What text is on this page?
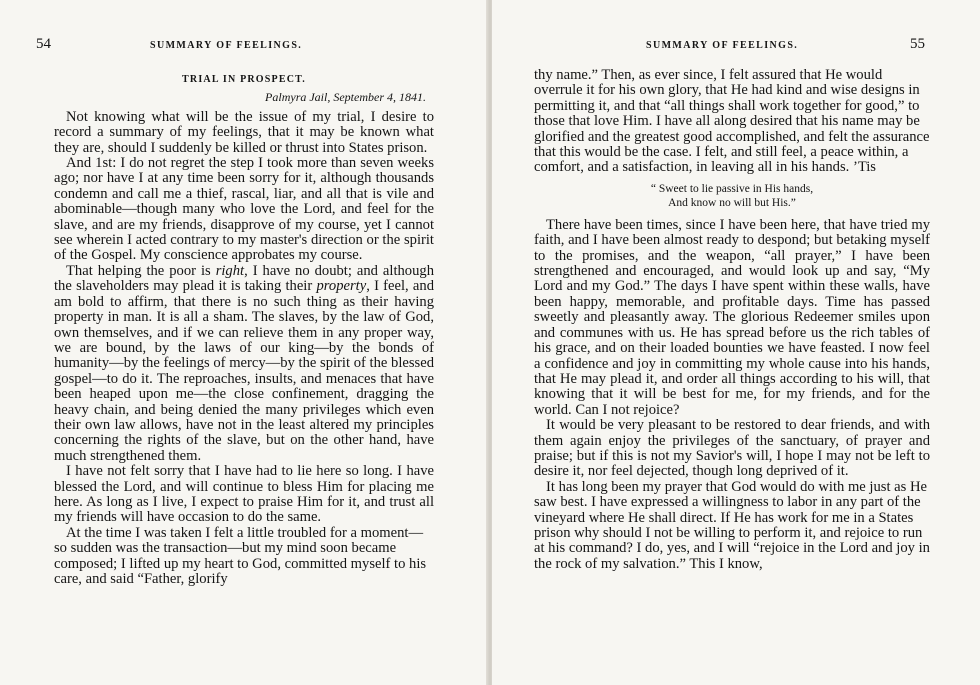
54	SUMMARY OF FEELINGS.
TRIAL IN PROSPECT.
Palmyra Jail, September 4, 1841.

Not knowing what will be the issue of my trial, I desire to record a summary of my feelings, that it may be known what they are, should I suddenly be killed or thrust into States prison.

And 1st: I do not regret the step I took more than seven weeks ago; nor have I at any time been sorry for it, although thousands condemn and call me a thief, rascal, liar, and all that is vile and abominable—though many who love the Lord, and feel for the slave, and are my friends, disapprove of my course, yet I cannot see wherein I acted contrary to my master's direction or the spirit of the Gospel. My conscience approbates my course.

That helping the poor is right, I have no doubt; and although the slaveholders may plead it is taking their property, I feel, and am bold to affirm, that there is no such thing as their having property in man. It is all a sham. The slaves, by the law of God, own themselves, and if we can relieve them in any proper way, we are bound, by the laws of our king—by the bonds of humanity—by the feelings of mercy—by the spirit of the blessed gospel—to do it. The reproaches, insults, and menaces that have been heaped upon me—the close confinement, dragging the heavy chain, and being denied the many privileges which even their own law allows, have not in the least altered my principles concerning the rights of the slave, but on the other hand, have much strengthened them.

I have not felt sorry that I have had to lie here so long. I have blessed the Lord, and will continue to bless Him for placing me here. As long as I live, I expect to praise Him for it, and trust all my friends will have occasion to do the same.

At the time I was taken I felt a little troubled for a moment—so sudden was the transaction—but my mind soon became composed; I lifted up my heart to God, committed myself to his care, and said “Father, glorify

SUMMARY OF FEELINGS.	55

thy name.” Then, as ever since, I felt assured that He would overrule it for his own glory, that He had kind and wise designs in permitting it, and that “all things shall work together for good,” to those that love Him. I have all along desired that his name may be glorified and the greatest good accomplished, and felt the assurance that this would be the case. I felt, and still feel, a peace within, a comfort, and a satisfaction, in leaving all in his hands. ’Tis

“ Sweet to lie passive in His hands,
And know no will but His.”

There have been times, since I have been here, that have tried my faith, and I have been almost ready to despond; but betaking myself to the promises, and the weapon, “all prayer,” I have been strengthened and encouraged, and would look up and say, “My Lord and my God.” The days I have spent within these walls, have been happy, memorable, and profitable days. Time has passed sweetly and pleasantly away. The glorious Redeemer smiles upon and communes with us. He has spread before us the rich tables of his grace, and on their loaded bounties we have feasted. I now feel a confidence and joy in committing my whole cause into his hands, that He may plead it, and order all things according to his will, that knowing that it will be best for me, for my friends, and for the world. Can I not rejoice?

It would be very pleasant to be restored to dear friends, and with them again enjoy the privileges of the sanctuary, of prayer and praise; but if this is not my Savior's will, I hope I may not be left to desire it, nor feel dejected, though long deprived of it.

It has long been my prayer that God would do with me just as He saw best. I have expressed a willingness to labor in any part of the vineyard where He shall direct. If He has work for me in a States prison why should I not be willing to perform it, and rejoice to run at his command? I do, yes, and I will “rejoice in the Lord and joy in the rock of my salvation.” This I know,
